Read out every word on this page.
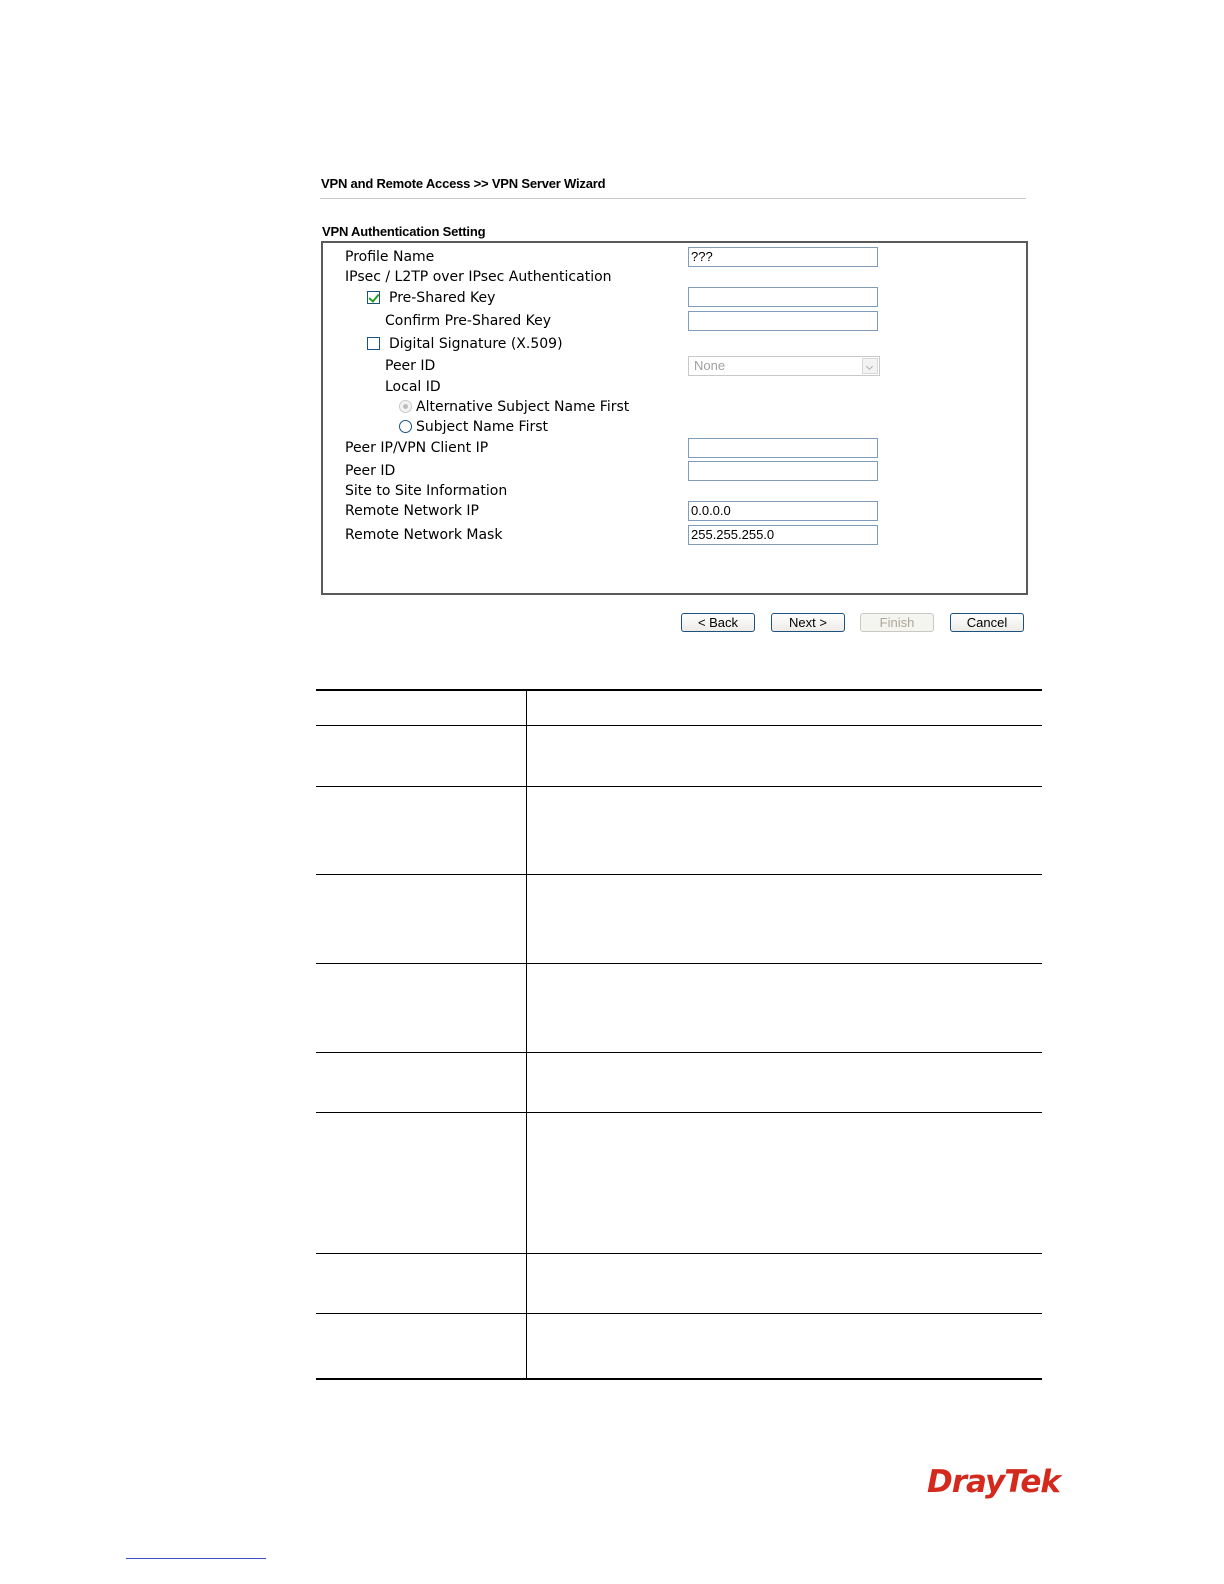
VPN and Remote Access >> VPN Server Wizard
VPN Authentication Setting
Profile Name	???
IPsec / L2TP over IPsec Authentication
Pre-Shared Key
Confirm Pre-Shared Key
Digital Signature (X.509)
Peer ID	None
Local ID
Alternative Subject Name First
Subject Name First
Peer IP/VPN Client IP
Peer ID
Site to Site Information
Remote Network IP	0.0.0.0
Remote Network Mask	255.255.255.0
< Back	Next >	Finish	Cancel
DrayTek
